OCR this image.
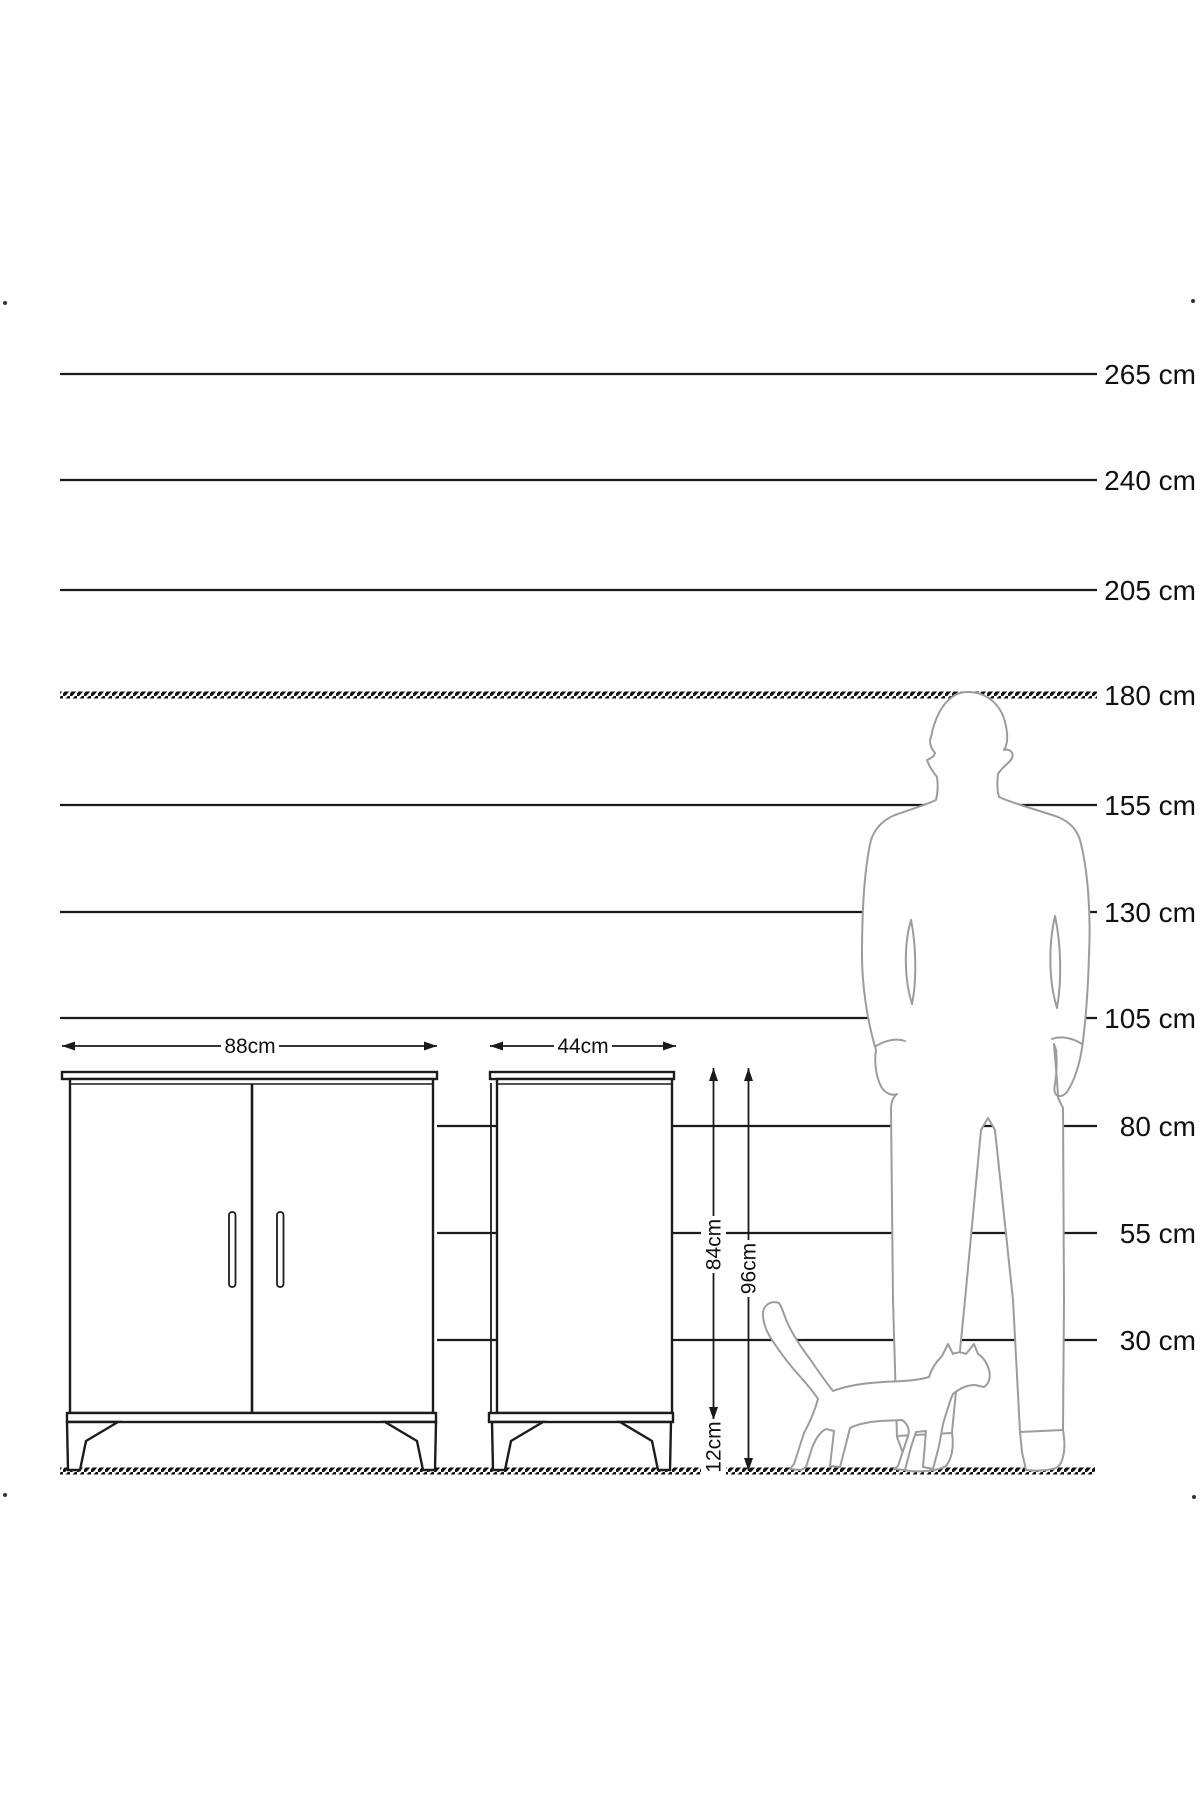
265 cm
240 cm
205 cm
180 cm
155 cm
130 cm
105 cm
80 cm
55 cm
30 cm
88cm	44cm
84cm 96cm
12cm
